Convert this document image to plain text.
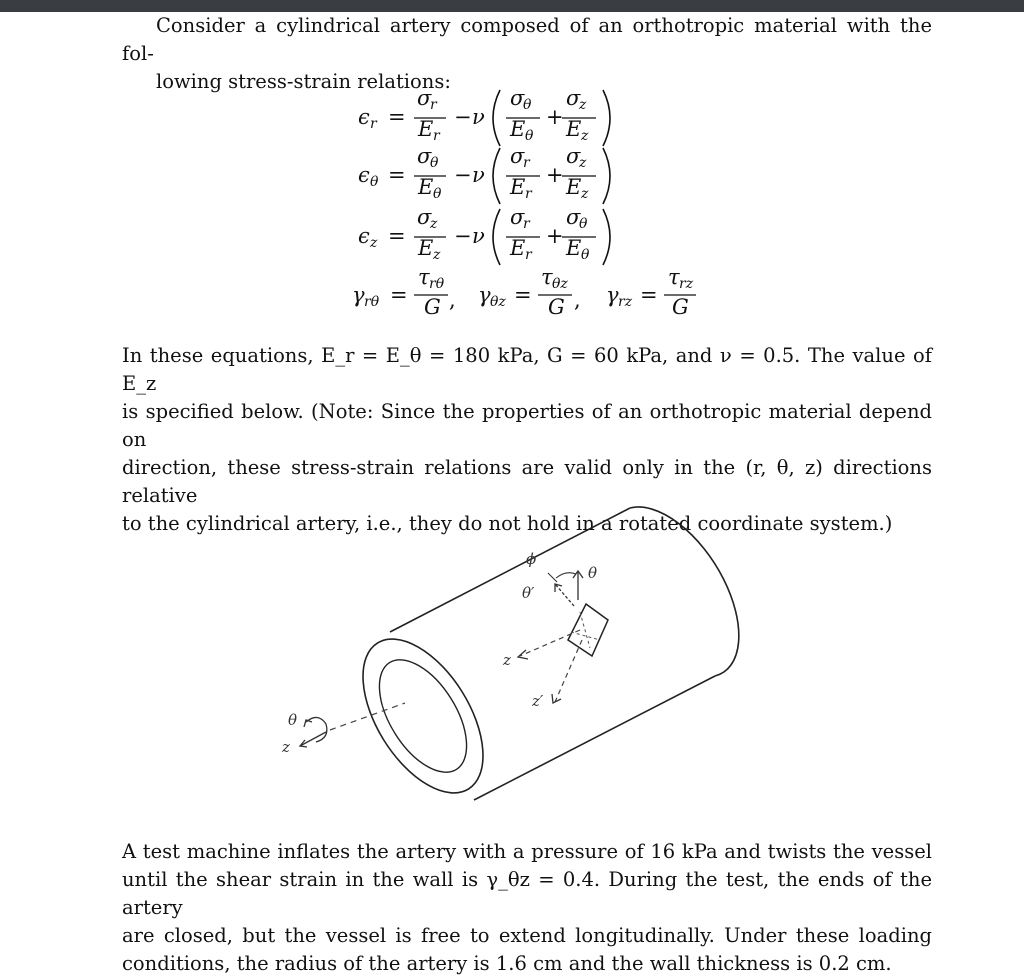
Consider a cylindrical artery composed of an orthotropic material with the fol-
lowing stress-strain relations:

ϵ r =
σ
r
E r
− ν
σ
θ
E θ
+
σ
z
E z
ϵ θ =
σ
θ
E θ
− ν
σ
r
E r
+
σ
z
E z
ϵ z =
σ
z
E z
− ν
σ
r
E r
+
σ
θ
E θ
γ rθ =
τ rθ
G , γ θz =
τ θz
G , γ rz =
τ rz
G

In these equations, E_r = E_θ = 180 kPa, G = 60 kPa, and ν = 0.5. The value of E_z
is specified below. (Note: Since the properties of an orthotropic material depend on
direction, these stress-strain relations are valid only in the (r, θ, z) directions relative
to the cylindrical artery, i.e., they do not hold in a rotated coordinate system.)

θ
z
z
z′
θ
θ′
ϕ

A test machine inflates the artery with a pressure of 16 kPa and twists the vessel
until the shear strain in the wall is γ_θz = 0.4. During the test, the ends of the artery
are closed, but the vessel is free to extend longitudinally. Under these loading
conditions, the radius of the artery is 1.6 cm and the wall thickness is 0.2 cm.
